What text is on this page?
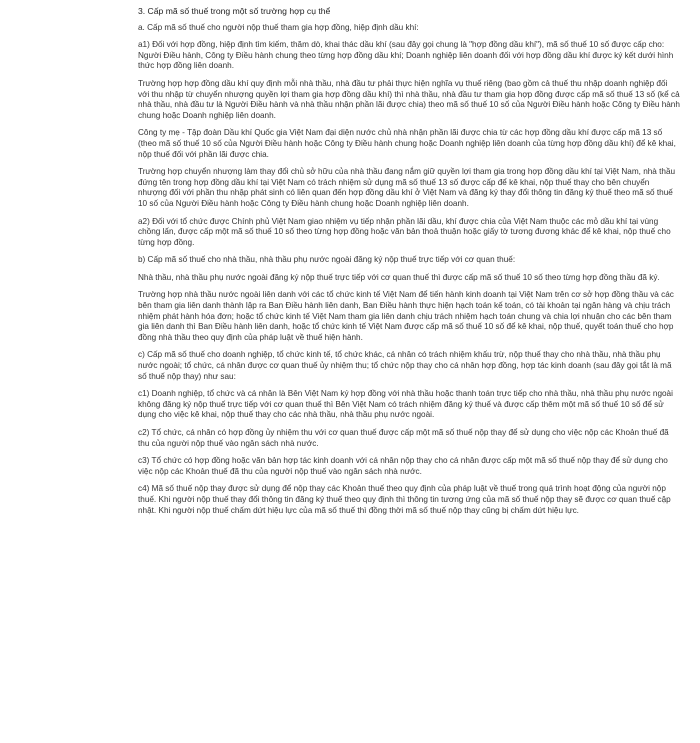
3. Cấp mã số thuế trong một số trường hợp cụ thể

a. Cấp mã số thuế cho người nộp thuế tham gia hợp đồng, hiệp định dầu khí:

a1) Đối với hợp đồng, hiệp định tìm kiếm, thăm dò, khai thác dầu khí (sau đây gọi chung là "hợp đồng dầu khí"), mã số thuế 10 số được cấp cho: Người Điều hành, Công ty Điều hành chung theo từng hợp đồng dầu khí; Doanh nghiệp liên doanh đối với hợp đồng dầu khí được ký kết dưới hình thức hợp đồng liên doanh.

Trường hợp hợp đồng dầu khí quy định mỗi nhà thầu, nhà đầu tư phải thực hiện nghĩa vụ thuế riêng (bao gồm cả thuế thu nhập doanh nghiệp đối với thu nhập từ chuyển nhượng quyền lợi tham gia hợp đồng dầu khí) thì nhà thầu, nhà đầu tư tham gia hợp đồng được cấp mã số thuế 13 số (kể cả nhà thầu, nhà đầu tư là Người Điều hành và nhà thầu nhận phần lãi được chia) theo mã số thuế 10 số của Người Điều hành hoặc Công ty Điều hành chung hoặc Doanh nghiệp liên doanh.

Công ty mẹ - Tập đoàn Dầu khí Quốc gia Việt Nam đại diện nước chủ nhà nhận phần lãi được chia từ các hợp đồng dầu khí được cấp mã 13 số (theo mã số thuế 10 số của Người Điều hành hoặc Công ty Điều hành chung hoặc Doanh nghiệp liên doanh của từng hợp đồng dầu khí) để kê khai, nộp thuế đối với phần lãi được chia.

Trường hợp chuyển nhượng làm thay đổi chủ sở hữu của nhà thầu đang nắm giữ quyền lợi tham gia trong hợp đồng dầu khí tại Việt Nam, nhà thầu đứng tên trong hợp đồng dầu khí tại Việt Nam có trách nhiệm sử dụng mã số thuế 13 số được cấp để kê khai, nộp thuế thay cho bên chuyển nhượng đối với phần thu nhập phát sinh có liên quan đến hợp đồng dầu khí ở Việt Nam và đăng ký thay đổi thông tin đăng ký thuế theo mã số thuế 10 số của Người Điều hành hoặc Công ty Điều hành chung hoặc Doanh nghiệp liên doanh.

a2) Đối với tổ chức được Chính phủ Việt Nam giao nhiệm vụ tiếp nhận phần lãi dầu, khí được chia của Việt Nam thuộc các mỏ dầu khí tại vùng chồng lấn, được cấp một mã số thuế 10 số theo từng hợp đồng hoặc văn bản thoả thuận hoặc giấy tờ tương đương khác để kê khai, nộp thuế cho từng hợp đồng.

b) Cấp mã số thuế cho nhà thầu, nhà thầu phụ nước ngoài đăng ký nộp thuế trực tiếp với cơ quan thuế:

Nhà thầu, nhà thầu phụ nước ngoài đăng ký nộp thuế trực tiếp với cơ quan thuế thì được cấp mã số thuế 10 số theo từng hợp đồng thầu đã ký.

Trường hợp nhà thầu nước ngoài liên danh với các tổ chức kinh tế Việt Nam để tiến hành kinh doanh tại Việt Nam trên cơ sở hợp đồng thầu và các bên tham gia liên danh thành lập ra Ban Điều hành liên danh, Ban Điều hành thực hiện hạch toán kế toán, có tài khoản tại ngân hàng và chịu trách nhiệm phát hành hóa đơn; hoặc tổ chức kinh tế Việt Nam tham gia liên danh chịu trách nhiệm hạch toán chung và chia lợi nhuận cho các bên tham gia liên danh thì Ban Điều hành liên danh, hoặc tổ chức kinh tế Việt Nam được cấp mã số thuế 10 số để kê khai, nộp thuế, quyết toán thuế cho hợp đồng nhà thầu theo quy định của pháp luật về thuế hiện hành.

c) Cấp mã số thuế cho doanh nghiệp, tổ chức kinh tế, tổ chức khác, cá nhân có trách nhiệm khấu trừ, nộp thuế thay cho nhà thầu, nhà thầu phụ nước ngoài; tổ chức, cá nhân được cơ quan thuế ủy nhiệm thu; tổ chức nộp thay cho cá nhân hợp đồng, hợp tác kinh doanh (sau đây gọi tắt là mã số thuế nộp thay) như sau:

c1) Doanh nghiệp, tổ chức và cá nhân là Bên Việt Nam ký hợp đồng với nhà thầu hoặc thanh toán trực tiếp cho nhà thầu, nhà thầu phụ nước ngoài không đăng ký nộp thuế trực tiếp với cơ quan thuế thì Bên Việt Nam có trách nhiệm đăng ký thuế và được cấp thêm một mã số thuế 10 số để sử dụng cho việc kê khai, nộp thuế thay cho các nhà thầu, nhà thầu phụ nước ngoài.

c2) Tổ chức, cá nhân có hợp đồng ủy nhiệm thu với cơ quan thuế được cấp một mã số thuế nộp thay để sử dụng cho việc nộp các Khoản thuế đã thu của người nộp thuế vào ngân sách nhà nước.

c3) Tổ chức có hợp đồng hoặc văn bản hợp tác kinh doanh với cá nhân nộp thay cho cá nhân được cấp một mã số thuế nộp thay để sử dụng cho việc nộp các Khoản thuế đã thu của người nộp thuế vào ngân sách nhà nước.

c4) Mã số thuế nộp thay được sử dụng để nộp thay các Khoản thuế theo quy định của pháp luật về thuế trong quá trình hoạt động của người nộp thuế. Khi người nộp thuế thay đổi thông tin đăng ký thuế theo quy định thì thông tin tương ứng của mã số thuế nộp thay sẽ được cơ quan thuế cập nhật. Khi người nộp thuế chấm dứt hiệu lực của mã số thuế thì đồng thời mã số thuế nộp thay cũng bị chấm dứt hiệu lực.
